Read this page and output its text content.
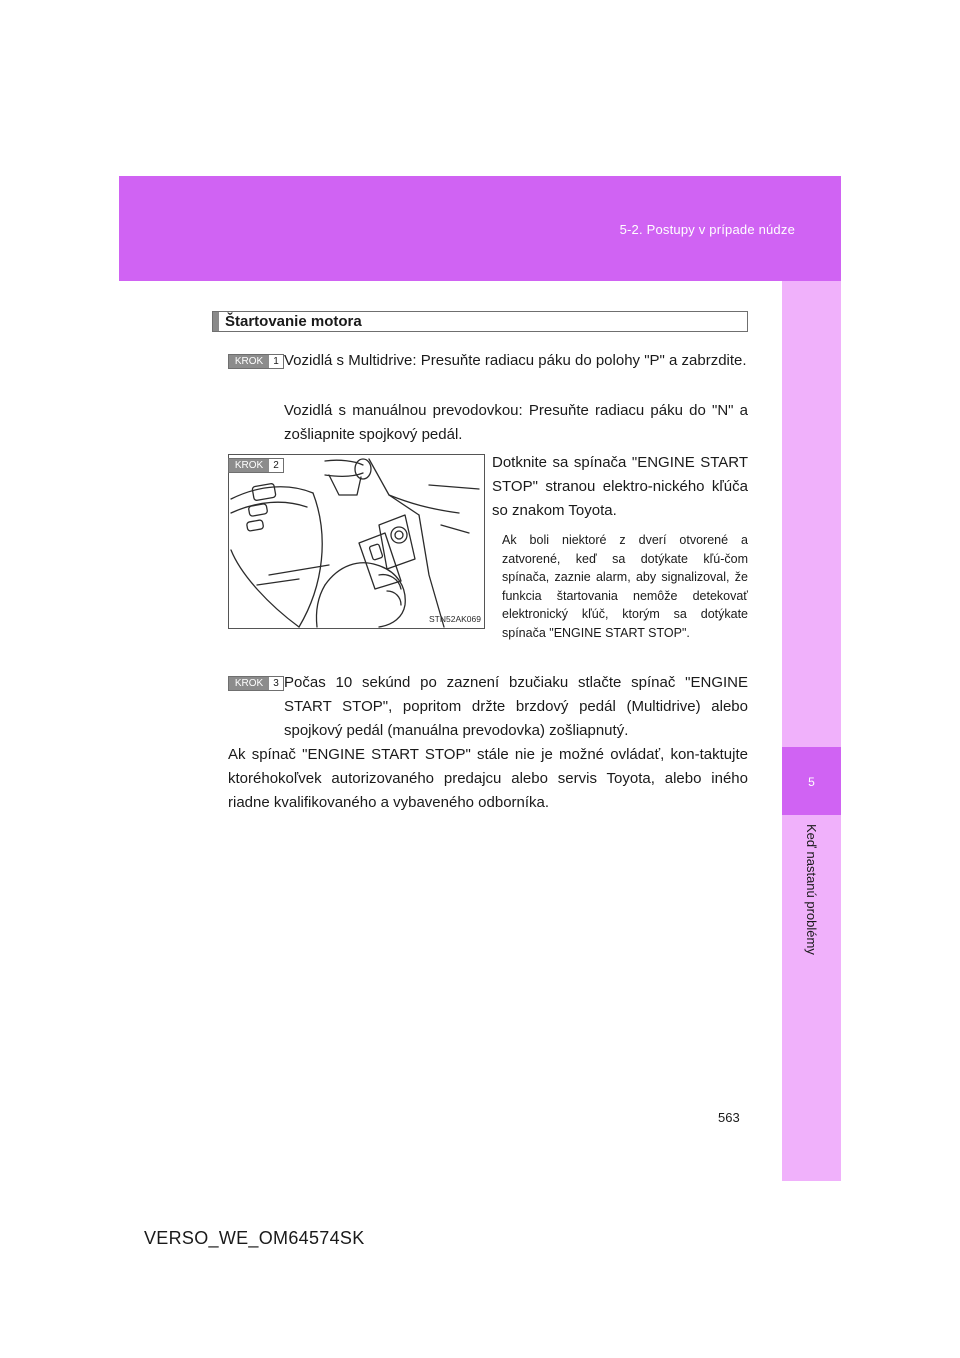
5-2. Postupy v prípade núdze
5
Keď nastanú problémy
Štartovanie motora
KROK	1 Vozidlá s Multidrive: Presuňte radiacu páku do polohy "P" a zabrzdite.

Vozidlá s manuálnou prevodovkou: Presuňte radiacu páku do "N" a zošliapnite spojkový pedál.

KROK	2
STN52AK069

Dotknite sa spínača "ENGINE START STOP" stranou elektro-nického kľúča so znakom Toyota.

Ak boli niektoré z dverí otvorené a zatvorené, keď sa dotýkate kľú-čom spínača, zaznie alarm, aby signalizoval, že funkcia štartovania nemôže detekovať elektronický kľúč, ktorým sa dotýkate spínača "ENGINE START STOP".

KROK	3 Počas 10 sekúnd po zaznení bzučiaku stlačte spínač "ENGINE START STOP", popritom držte brzdový pedál (Multidrive) alebo spojkový pedál (manuálna prevodovka) zošliapnutý.

Ak spínač "ENGINE START STOP" stále nie je možné ovládať, kon-taktujte ktoréhokoľvek autorizovaného predajcu alebo servis Toyota, alebo iného riadne kvalifikovaného a vybaveného odborníka.

563
VERSO_WE_OM64574SK
